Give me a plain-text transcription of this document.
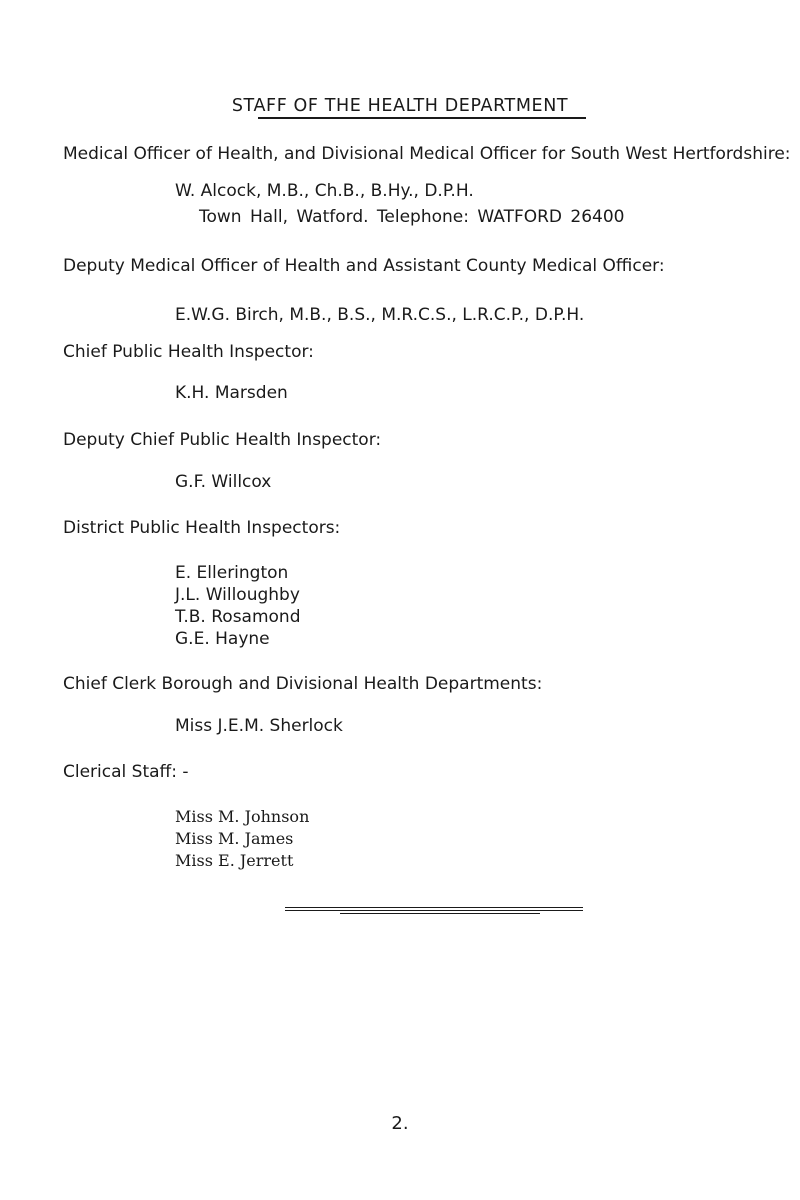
STAFF OF THE HEALTH DEPARTMENT
Medical Officer of Health, and Divisional Medical Officer for South West Hertfordshire:
W. Alcock, M.B., Ch.B., B.Hy., D.P.H.
Town Hall, Watford. Telephone: WATFORD 26400
Deputy Medical Officer of Health and Assistant County Medical Officer:
E.W.G. Birch, M.B., B.S., M.R.C.S., L.R.C.P., D.P.H.
Chief Public Health Inspector:
K.H. Marsden
Deputy Chief Public Health Inspector:
G.F. Willcox
District Public Health Inspectors:
E. Ellerington
J.L. Willoughby
T.B. Rosamond
G.E. Hayne
Chief Clerk Borough and Divisional Health Departments:
Miss J.E.M. Sherlock
Clerical Staff: -
Miss M. Johnson
Miss M. James
Miss E. Jerrett
2.
